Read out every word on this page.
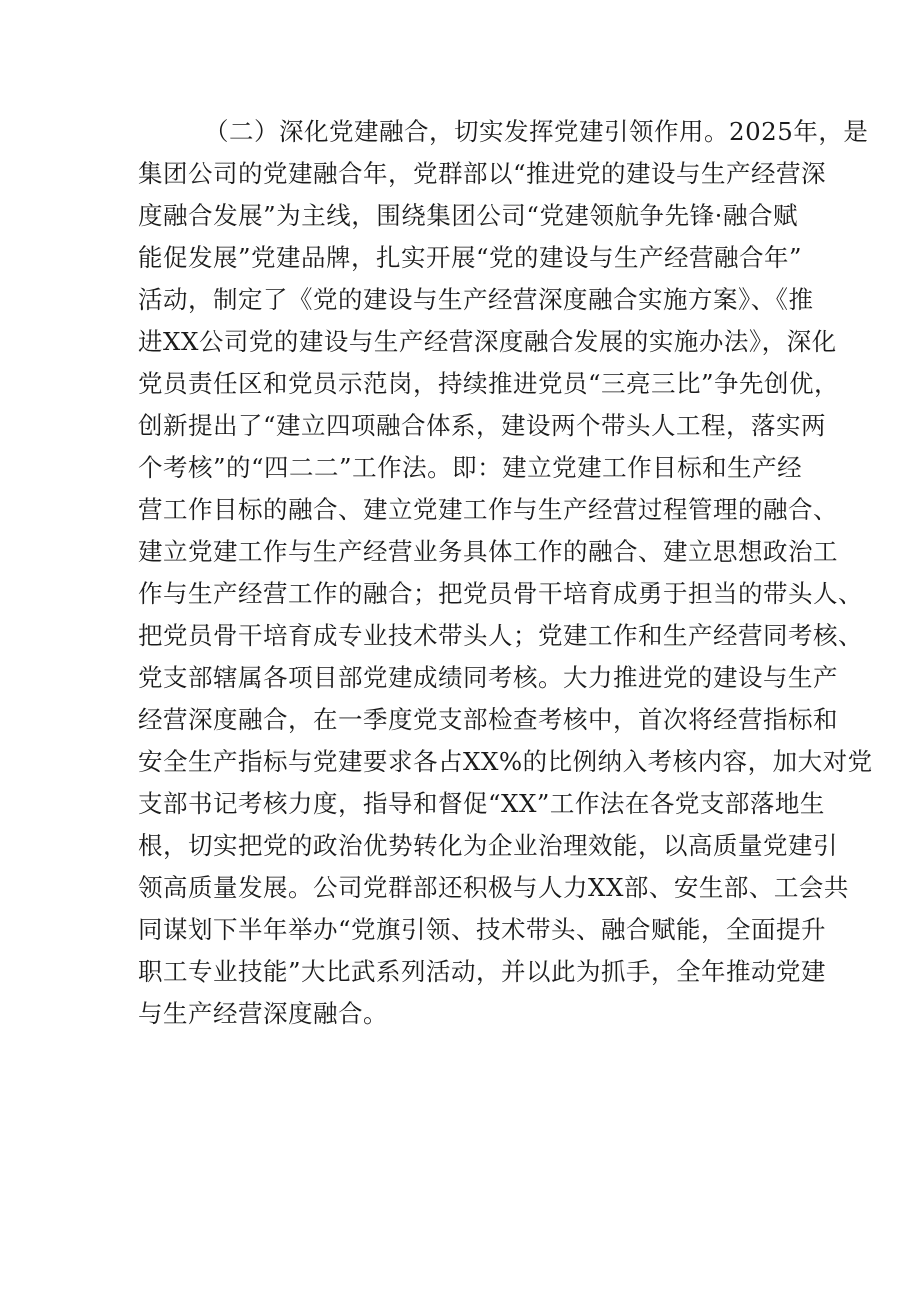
（二）深化党建融合，切实发挥党建引领作用。2025年，是
集团公司的党建融合年，党群部以“推进党的建设与生产经营深
度融合发展”为主线，围绕集团公司“党建领航争先锋·融合赋
能促发展”党建品牌，扎实开展“党的建设与生产经营融合年”
活动，制定了《党的建设与生产经营深度融合实施方案》、《推
进XX公司党的建设与生产经营深度融合发展的实施办法》，深化
党员责任区和党员示范岗，持续推进党员“三亮三比”争先创优，
创新提出了“建立四项融合体系，建设两个带头人工程，落实两
个考核”的“四二二”工作法。即：建立党建工作目标和生产经
营工作目标的融合、建立党建工作与生产经营过程管理的融合、
建立党建工作与生产经营业务具体工作的融合、建立思想政治工
作与生产经营工作的融合；把党员骨干培育成勇于担当的带头人、
把党员骨干培育成专业技术带头人；党建工作和生产经营同考核、
党支部辖属各项目部党建成绩同考核。大力推进党的建设与生产
经营深度融合，在一季度党支部检查考核中，首次将经营指标和
安全生产指标与党建要求各占XX%的比例纳入考核内容，加大对党
支部书记考核力度，指导和督促“XX”工作法在各党支部落地生
根，切实把党的政治优势转化为企业治理效能，以高质量党建引
领高质量发展。公司党群部还积极与人力XX部、安生部、工会共
同谋划下半年举办“党旗引领、技术带头、融合赋能，全面提升
职工专业技能”大比武系列活动，并以此为抓手，全年推动党建
与生产经营深度融合。
